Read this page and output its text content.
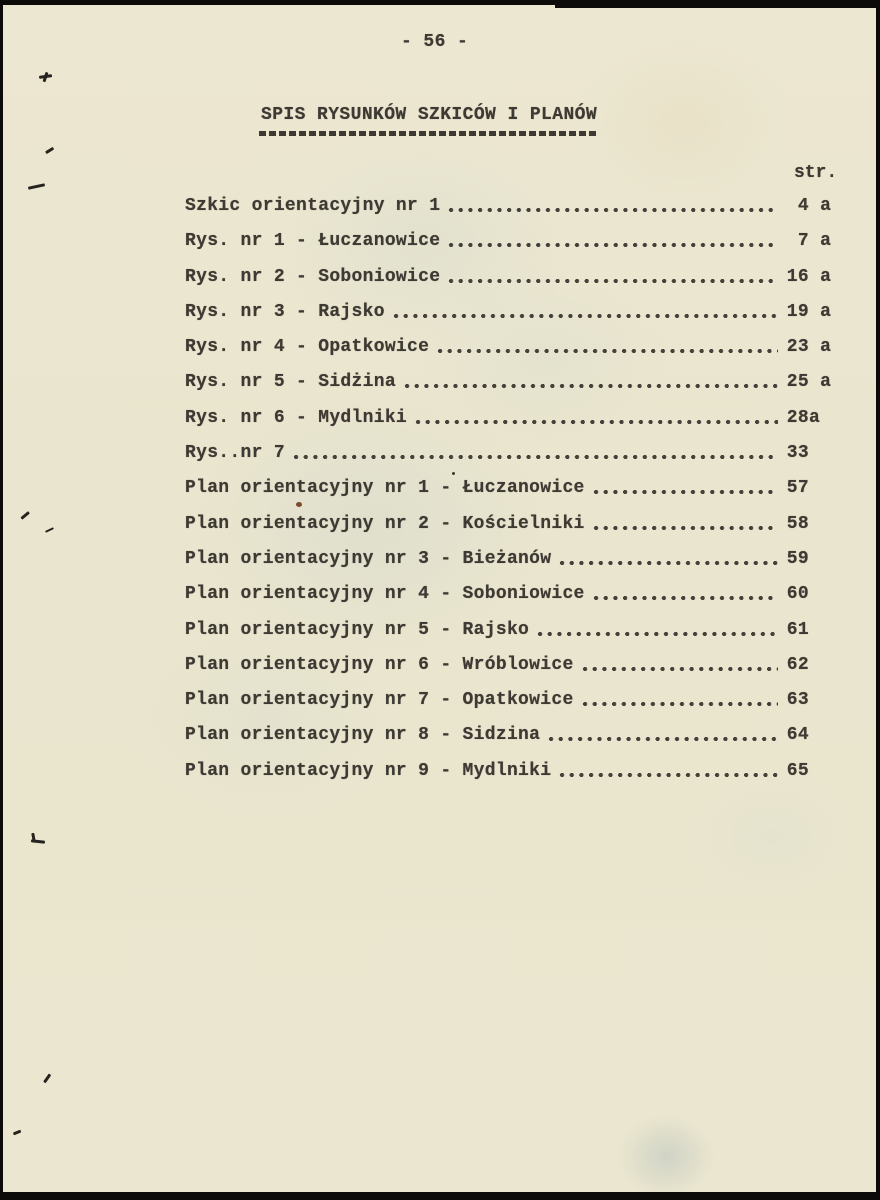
- 56 -
SPIS RYSUNKÓW SZKICÓW I PLANÓW
str.
Szkic orientacyjny nr 1	4 a
Rys. nr 1 - Łuczanowice	7 a
Rys. nr 2 - Soboniowice	16 a
Rys. nr 3 - Rajsko	19 a
Rys. nr 4 - Opatkowice	23 a
Rys. nr 5 - Sidżina	25 a
Rys. nr 6 - Mydlniki	28 a
Rys..nr 7	33
Plan orientacyjny nr 1 - Łuczanowice	57
Plan orientacyjny nr 2 - Kościelniki	58
Plan orientacyjny nr 3 - Bieżanów	59
Plan orientacyjny nr 4 - Soboniowice	60
Plan orientacyjny nr 5 - Rajsko	61
Plan orientacyjny nr 6 - Wróblowice	62
Plan orientacyjny nr 7 - Opatkowice	63
Plan orientacyjny nr 8 - Sidzina	64
Plan orientacyjny nr 9 - Mydlniki	65
